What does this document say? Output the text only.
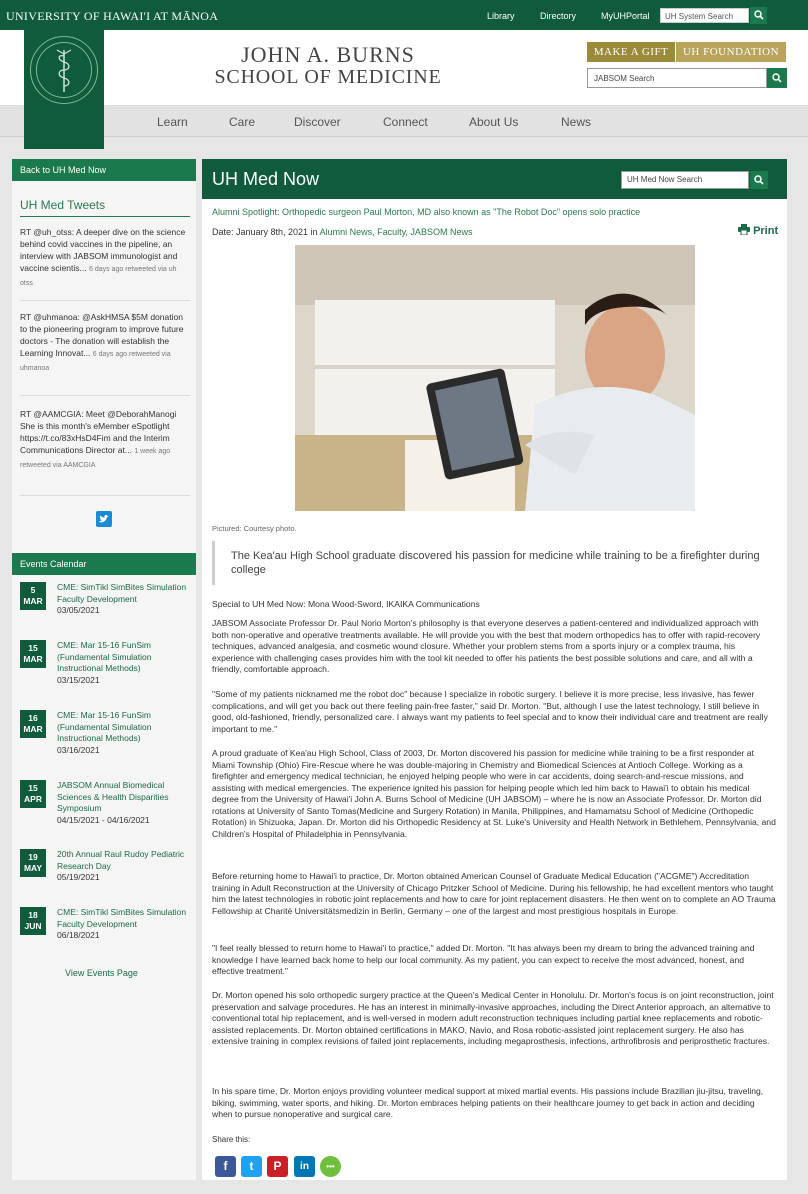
UNIVERSITY OF HAWAI'I AT MĀNOA	Library	Directory	MyUHPortal	UH System Search
JOHN A. BURNS
SCHOOL OF MEDICINE
MAKE A GIFT	UH FOUNDATION
JABSOM Search
Learn	Care	Discover	Connect	About Us	News
Back to UH Med Now
UH Med Tweets
RT @uh_otss: A deeper dive on the science behind covid vaccines in the pipeline, an interview with JABSOM immunologist and vaccine scientis... 6 days ago retweeted via uh otss
RT @uhmanoa: @AskHMSA $5M donation to the pioneering program to improve future doctors - The donation will establish the Learning Innovat... 6 days ago retweeted via uhmanoa
RT @AAMCGIA: Meet @DeborahManogi She is this month's eMember eSpotlight https://t.co/83xHsD4Fim and the Interim Communications Director at... 1 week ago retweeted via AAMCGIA
Events Calendar
5
MAR
CME: SimTikl SimBites Simulation Faculty Development
03/05/2021
15
MAR
CME: Mar 15-16 FunSim (Fundamental Simulation Instructional Methods)
03/15/2021
16
MAR
CME: Mar 15-16 FunSim (Fundamental Simulation Instructional Methods)
03/16/2021
15
APR
JABSOM Annual Biomedical Sciences & Health Disparities Symposium
04/15/2021 - 04/16/2021
19
MAY
20th Annual Raul Rudoy Pediatric Research Day
05/19/2021
18
JUN
CME: SimTikl SimBites Simulation Faculty Development
06/18/2021
View Events Page
UH Med Now	UH Med Now Search
Alumni Spotlight: Orthopedic surgeon Paul Morton, MD also known as "The Robot Doc" opens solo practice
Date: January 8th, 2021 in Alumni News, Faculty, JABSOM News	Print
Pictured: Courtesy photo.
The Kea'au High School graduate discovered his passion for medicine while training to be a firefighter during college
Special to UH Med Now: Mona Wood-Sword, IKAIKA Communications
JABSOM Associate Professor Dr. Paul Norio Morton's philosophy is that everyone deserves a patient-centered and individualized approach with both non-operative and operative treatments available. He will provide you with the best that modern orthopedics has to offer with rapid-recovery techniques, advanced analgesia, and cosmetic wound closure. Whether your problem stems from a sports injury or a complex trauma, his experience with challenging cases provides him with the tool kit needed to offer his patients the best possible solutions and care, and all with a friendly, comfortable approach.
"Some of my patients nicknamed me the robot doc" because I specialize in robotic surgery. I believe it is more precise, less invasive, has fewer complications, and will get you back out there feeling pain-free faster," said Dr. Morton. "But, although I use the latest technology, I still believe in good, old-fashioned, friendly, personalized care. I always want my patients to feel special and to know their individual care and treatment are really important to me."
A proud graduate of Kea'au High School, Class of 2003, Dr. Morton discovered his passion for medicine while training to be a first responder at Miami Township (Ohio) Fire-Rescue where he was double-majoring in Chemistry and Biomedical Sciences at Antioch College. Working as a firefighter and emergency medical technician, he enjoyed helping people who were in car accidents, doing search-and-rescue missions, and assisting with medical emergencies. The experience ignited his passion for helping people which led him back to Hawai'i to obtain his medical degree from the University of Hawai'i John A. Burns School of Medicine (UH JABSOM) – where he is now an Associate Professor. Dr. Morton did rotations at University of Santo Tomas(Medicine and Surgery Rotation) in Manila, Philippines, and Hamamatsu School of Medicine (Orthopedic Rotation) in Shizuoka, Japan. Dr. Morton did his Orthopedic Residency at St. Luke's University and Health Network in Bethlehem, Pennsylvania, and Children's Hospital of Philadelphia in Pennsylvania.
Before returning home to Hawai'i to practice, Dr. Morton obtained American Counsel of Graduate Medical Education ("ACGME") Accreditation training in Adult Reconstruction at the University of Chicago Pritzker School of Medicine. During his fellowship, he had excellent mentors who taught him the latest technologies in robotic joint replacements and how to care for joint replacement disasters. He then went on to complete an AO Trauma Fellowship at Charité Universitätsmedizin in Berlin, Germany – one of the largest and most prestigious hospitals in Europe.
"I feel really blessed to return home to Hawai'i to practice," added Dr. Morton. "It has always been my dream to bring the advanced training and knowledge I have learned back home to help our local community. As my patient, you can expect to receive the most advanced, honest, and effective treatment."
Dr. Morton opened his solo orthopedic surgery practice at the Queen's Medical Center in Honolulu. Dr. Morton's focus is on joint reconstruction, joint preservation and salvage procedures. He has an interest in minimally-invasive approaches, including the Direct Anterior approach, an alternative to conventional total hip replacement, and is well-versed in modern adult reconstruction techniques including partial knee replacements and robotic-assisted replacements. Dr. Morton obtained certifications in MAKO, Navio, and Rosa robotic-assisted joint replacement surgery. He also has extensive training in complex revisions of failed joint replacements, including megaprosthesis, infections, arthrofibrosis and periprosthetic fractures.
In his spare time, Dr. Morton enjoys providing volunteer medical support at mixed martial events. His passions include Brazilian jiu-jitsu, traveling, biking, swimming, water sports, and hiking. Dr. Morton embraces helping patients on their healthcare journey to get back in action and deciding when to pursue nonoperative and surgical care.
Share this:
f	t	P	in	•••
